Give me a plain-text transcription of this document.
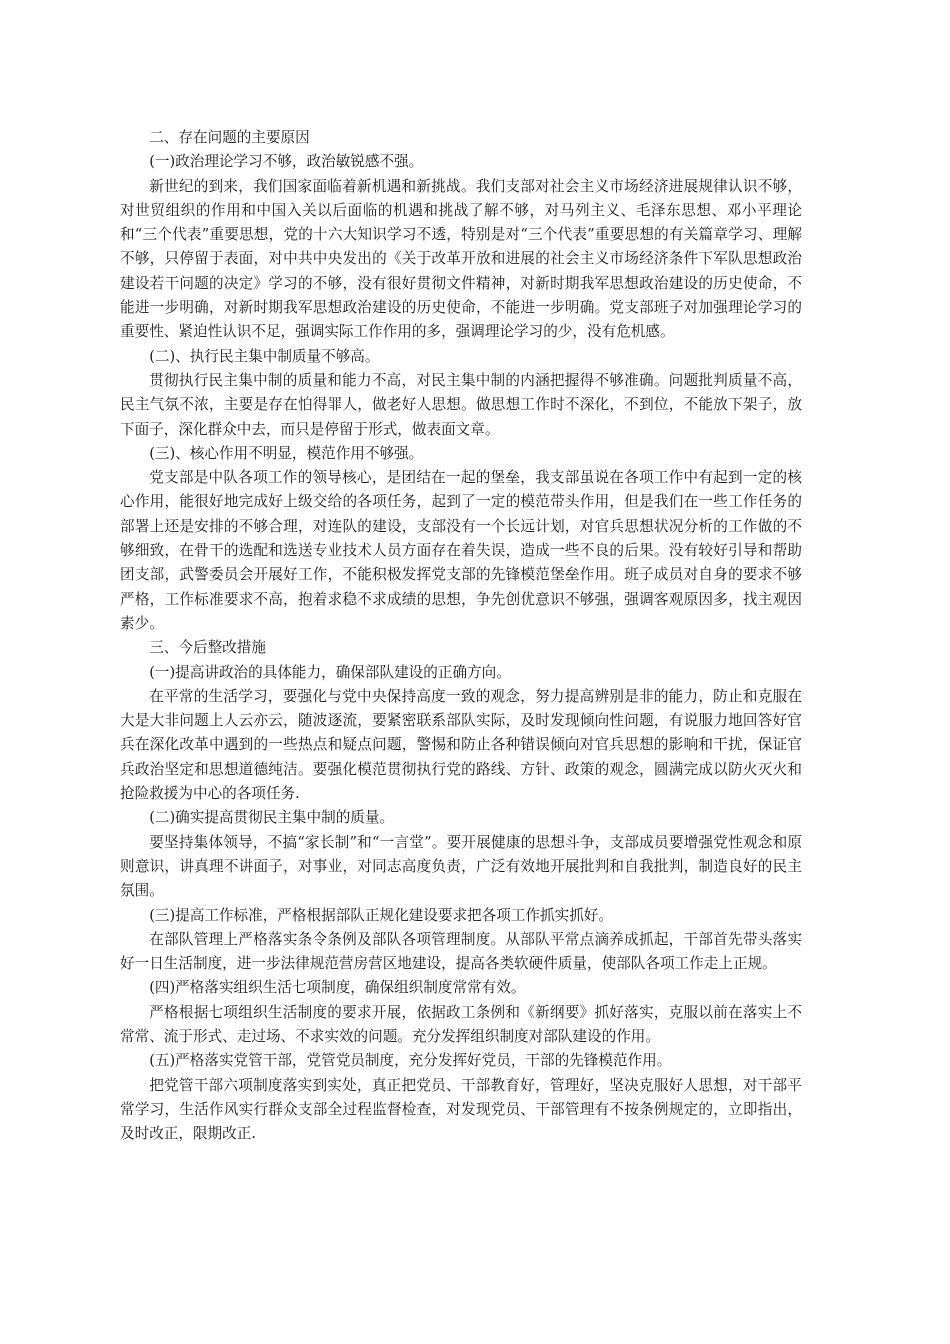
二、存在问题的主要原因

(一)政治理论学习不够，政治敏锐感不强。

新世纪的到来，我们国家面临着新机遇和新挑战。我们支部对社会主义市场经济进展规律认识不够，对世贸组织的作用和中国入关以后面临的机遇和挑战了解不够，对马列主义、毛泽东思想、邓小平理论和“三个代表”重要思想，党的十六大知识学习不透，特别是对“三个代表”重要思想的有关篇章学习、理解不够，只停留于表面，对中共中央发出的《关于改革开放和进展的社会主义市场经济条件下军队思想政治建设若干问题的决定》学习的不够，没有很好贯彻文件精神，对新时期我军思想政治建设的历史使命，不能进一步明确，对新时期我军思想政治建设的历史使命，不能进一步明确。党支部班子对加强理论学习的重要性、紧迫性认识不足，强调实际工作作用的多，强调理论学习的少，没有危机感。

(二)、执行民主集中制质量不够高。

贯彻执行民主集中制的质量和能力不高，对民主集中制的内涵把握得不够准确。问题批判质量不高，民主气氛不浓，主要是存在怕得罪人，做老好人思想。做思想工作时不深化，不到位，不能放下架子，放下面子，深化群众中去，而只是停留于形式，做表面文章。

(三)、核心作用不明显，模范作用不够强。

党支部是中队各项工作的领导核心，是团结在一起的堡垒，我支部虽说在各项工作中有起到一定的核心作用，能很好地完成好上级交给的各项任务，起到了一定的模范带头作用，但是我们在一些工作任务的部署上还是安排的不够合理，对连队的建设，支部没有一个长远计划，对官兵思想状况分析的工作做的不够细致，在骨干的选配和选送专业技术人员方面存在着失误，造成一些不良的后果。没有较好引导和帮助团支部，武警委员会开展好工作，不能积极发挥党支部的先锋模范堡垒作用。班子成员对自身的要求不够严格，工作标准要求不高，抱着求稳不求成绩的思想，争先创优意识不够强，强调客观原因多，找主观因素少。

三、今后整改措施

(一)提高讲政治的具体能力，确保部队建设的正确方向。

在平常的生活学习，要强化与党中央保持高度一致的观念，努力提高辨别是非的能力，防止和克服在大是大非问题上人云亦云，随波逐流，要紧密联系部队实际，及时发现倾向性问题，有说服力地回答好官兵在深化改革中遇到的一些热点和疑点问题，警惕和防止各种错误倾向对官兵思想的影响和干扰，保证官兵政治坚定和思想道德纯洁。要强化模范贯彻执行党的路线、方针、政策的观念，圆满完成以防火灭火和抢险救援为中心的各项任务.

(二)确实提高贯彻民主集中制的质量。

要坚持集体领导，不搞“家长制”和“一言堂”。要开展健康的思想斗争，支部成员要增强党性观念和原则意识，讲真理不讲面子，对事业，对同志高度负责，广泛有效地开展批判和自我批判，制造良好的民主氛围。

(三)提高工作标准，严格根据部队正规化建设要求把各项工作抓实抓好。

在部队管理上严格落实条令条例及部队各项管理制度。从部队平常点滴养成抓起，干部首先带头落实好一日生活制度，进一步法律规范营房营区地建设，提高各类软硬件质量，使部队各项工作走上正规。

(四)严格落实组织生活七项制度，确保组织制度常常有效。

严格根据七项组织生活制度的要求开展，依据政工条例和《新纲要》抓好落实，克服以前在落实上不常常、流于形式、走过场、不求实效的问题。充分发挥组织制度对部队建设的作用。

(五)严格落实党管干部，党管党员制度，充分发挥好党员，干部的先锋模范作用。

把党管干部六项制度落实到实处，真正把党员、干部教育好，管理好，坚决克服好人思想，对干部平常学习，生活作风实行群众支部全过程监督检查，对发现党员、干部管理有不按条例规定的，立即指出，及时改正，限期改正.
